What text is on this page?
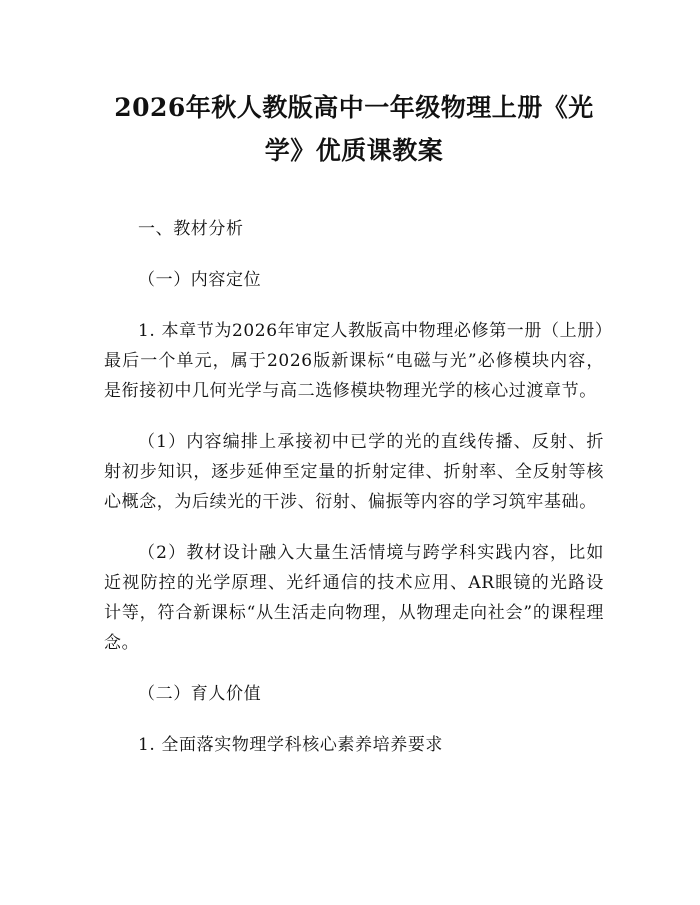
2026年秋人教版高中一年级物理上册《光
学》优质课教案

一、教材分析

（一）内容定位

1. 本章节为2026年审定人教版高中物理必修第一册（上册）最后一个单元，属于2026版新课标“电磁与光”必修模块内容，是衔接初中几何光学与高二选修模块物理光学的核心过渡章节。

（1）内容编排上承接初中已学的光的直线传播、反射、折射初步知识，逐步延伸至定量的折射定律、折射率、全反射等核心概念，为后续光的干涉、衍射、偏振等内容的学习筑牢基础。

（2）教材设计融入大量生活情境与跨学科实践内容，比如近视防控的光学原理、光纤通信的技术应用、AR眼镜的光路设计等，符合新课标“从生活走向物理，从物理走向社会”的课程理念。

（二）育人价值

1. 全面落实物理学科核心素养培养要求
